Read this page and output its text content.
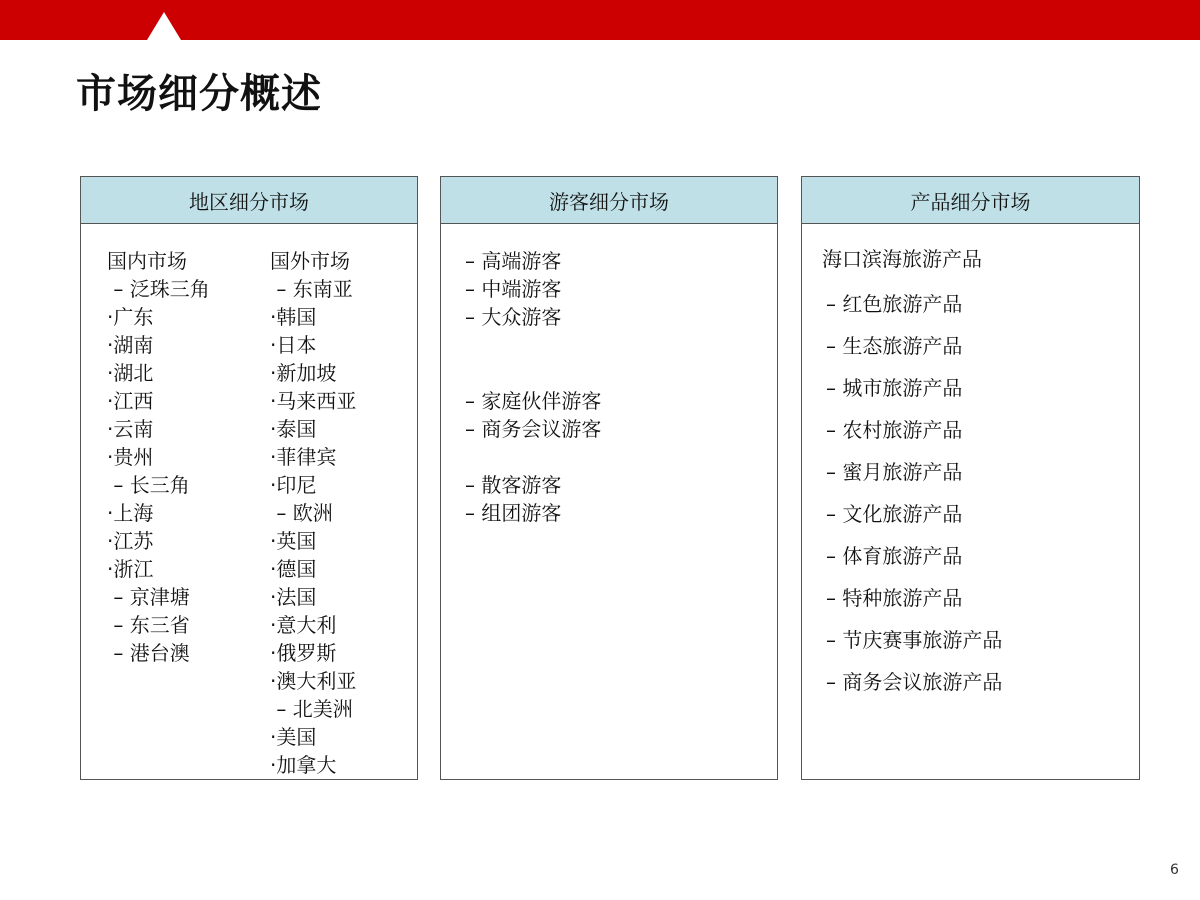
市场细分概述
地区细分市场
国内市场
– 泛珠三角
·广东
·湖南
·湖北
·江西
·云南
·贵州
– 长三角
·上海
·江苏
·浙江
– 京津塘
– 东三省
– 港台澳
国外市场
– 东南亚
·韩国
·日本
·新加坡
·马来西亚
·泰国
·菲律宾
·印尼
– 欧洲
·英国
·德国
·法国
·意大利
·俄罗斯
·澳大利亚
– 北美洲
·美国
·加拿大
游客细分市场
– 高端游客
– 中端游客
– 大众游客

– 家庭伙伴游客
– 商务会议游客

– 散客游客
– 组团游客
产品细分市场
海口滨海旅游产品
– 红色旅游产品
– 生态旅游产品
– 城市旅游产品
– 农村旅游产品
– 蜜月旅游产品
– 文化旅游产品
– 体育旅游产品
– 特种旅游产品
– 节庆赛事旅游产品
– 商务会议旅游产品
6
